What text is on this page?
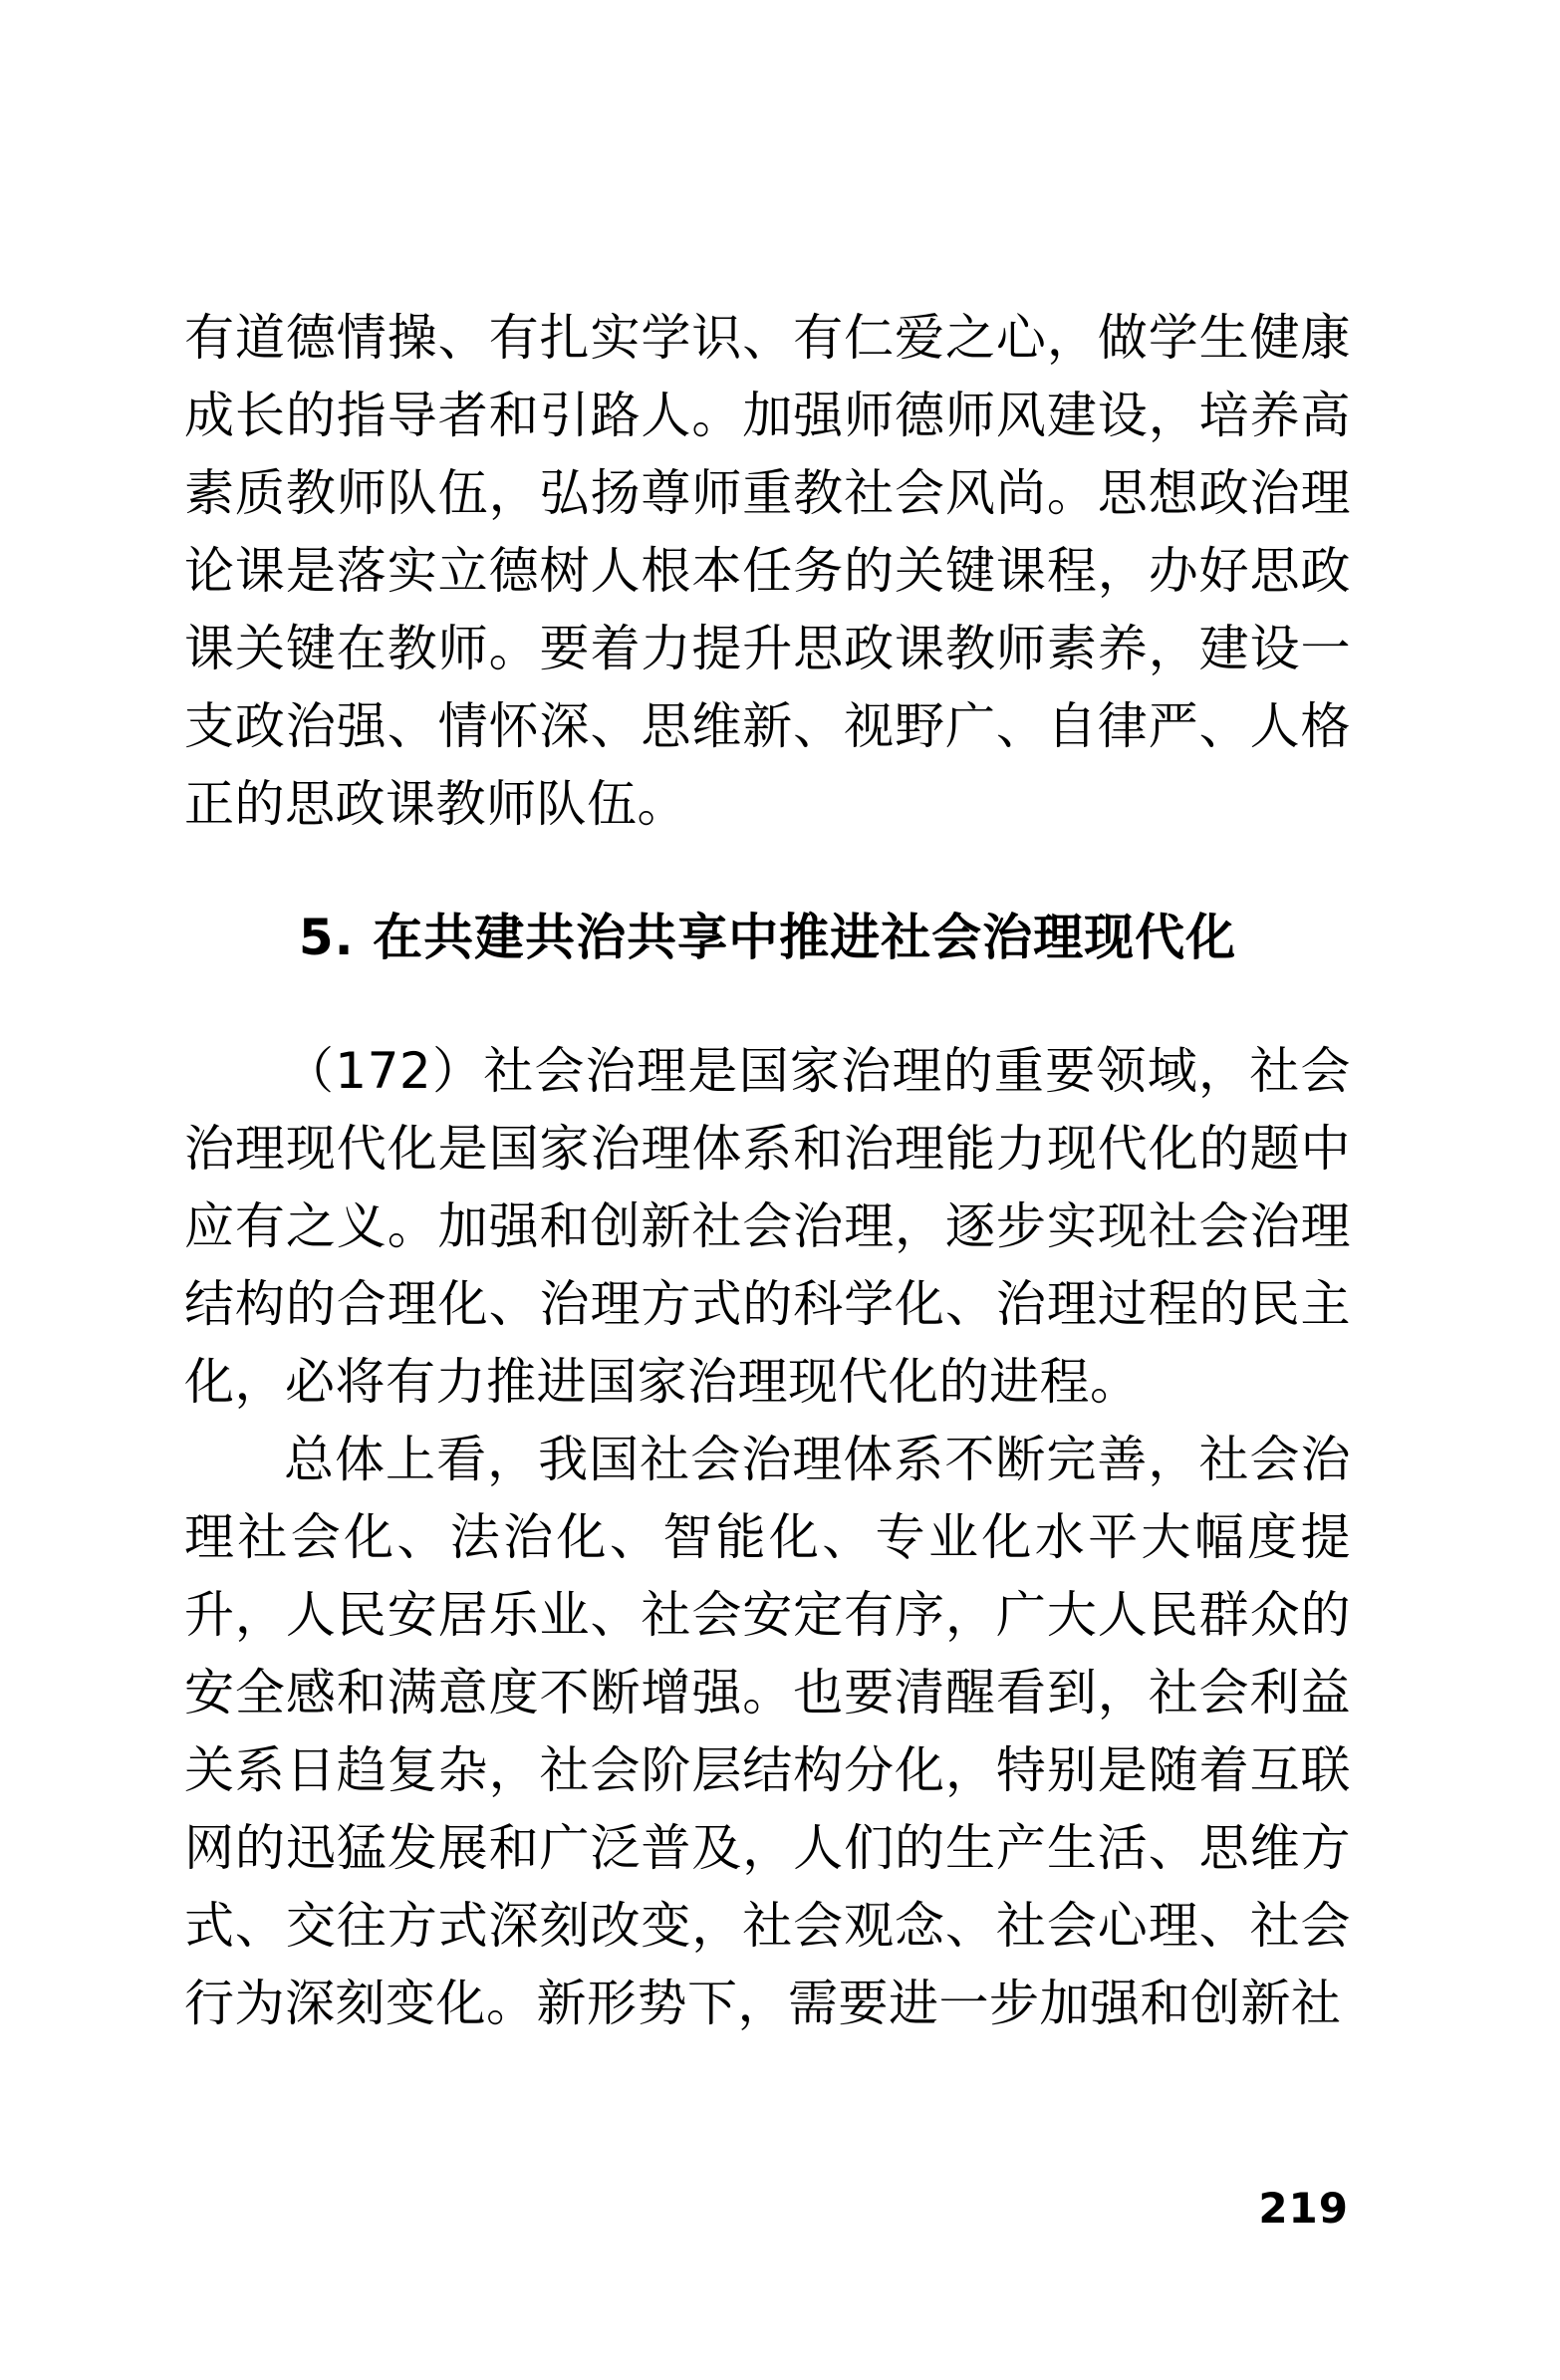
有道德情操、有扎实学识、有仁爱之心，做学生健康成长的指导者和引路人。加强师德师风建设，培养高素质教师队伍，弘扬尊师重教社会风尚。思想政治理论课是落实立德树人根本任务的关键课程，办好思政课关键在教师。要着力提升思政课教师素养，建设一支政治强、情怀深、思维新、视野广、自律严、人格正的思政课教师队伍。

5. 在共建共治共享中推进社会治理现代化

（172）社会治理是国家治理的重要领域，社会治理现代化是国家治理体系和治理能力现代化的题中应有之义。加强和创新社会治理，逐步实现社会治理结构的合理化、治理方式的科学化、治理过程的民主化，必将有力推进国家治理现代化的进程。

总体上看，我国社会治理体系不断完善，社会治理社会化、法治化、智能化、专业化水平大幅度提升，人民安居乐业、社会安定有序，广大人民群众的安全感和满意度不断增强。也要清醒看到，社会利益关系日趋复杂，社会阶层结构分化，特别是随着互联网的迅猛发展和广泛普及，人们的生产生活、思维方式、交往方式深刻改变，社会观念、社会心理、社会行为深刻变化。新形势下，需要进一步加强和创新社

219
